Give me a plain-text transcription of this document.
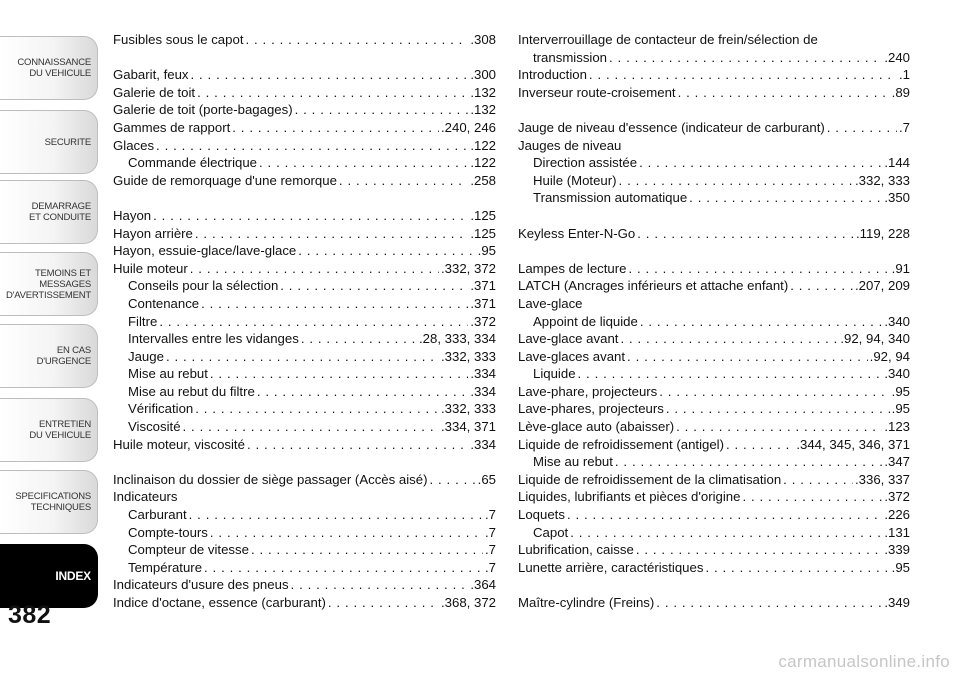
CONNAISSANCE
DU VEHICULE
SECURITE
DEMARRAGE
ET CONDUITE
TEMOINS ET
MESSAGES
D'AVERTISSEMENT
EN CAS
D'URGENCE
ENTRETIEN
DU VEHICULE
SPECIFICATIONS
TECHNIQUES
INDEX
382
Fusibles sous le capot . . .	.308
Gabarit, feux . . .	.300
Galerie de toit . . .	.132
Galerie de toit (porte-bagages) . . .	.132
Gammes de rapport . . .	.240, 246
Glaces . . .	.122
Commande électrique . . .	.122
Guide de remorquage d'une remorque . . .	.258
Hayon . . .	.125
Hayon arrière . . .	.125
Hayon, essuie-glace/lave-glace . . .	.95
Huile moteur . . .	.332, 372
Conseils pour la sélection . . .	.371
Contenance . . .	.371
Filtre . . .	.372
Intervalles entre les vidanges . . .	.28, 333, 334
Jauge . . .	.332, 333
Mise au rebut . . .	.334
Mise au rebut du filtre . . .	.334
Vérification . . .	.332, 333
Viscosité . . .	.334, 371
Huile moteur, viscosité . . .	.334
Inclinaison du dossier de siège passager (Accès aisé) . . .	.65
Indicateurs
Carburant . . .	.7
Compte-tours . . .	.7
Compteur de vitesse . . .	.7
Température . . .	.7
Indicateurs d'usure des pneus . . .	.364
Indice d'octane, essence (carburant) . . .	.368, 372
Interverrouillage de contacteur de frein/sélection de
transmission . . .	.240
Introduction . . .	.1
Inverseur route-croisement . . .	.89
Jauge de niveau d'essence (indicateur de carburant) . . .	.7
Jauges de niveau
Direction assistée . . .	.144
Huile (Moteur) . . .	.332, 333
Transmission automatique . . .	.350
Keyless Enter-N-Go . . .	.119, 228
Lampes de lecture . . .	.91
LATCH (Ancrages inférieurs et attache enfant) . . .	.207, 209
Lave-glace
Appoint de liquide . . .	.340
Lave-glace avant . . .	.92, 94, 340
Lave-glaces avant . . .	.92, 94
Liquide . . .	.340
Lave-phare, projecteurs . . .	.95
Lave-phares, projecteurs . . .	.95
Lève-glace auto (abaisser) . . .	.123
Liquide de refroidissement (antigel) . . .	.344, 345, 346, 371
Mise au rebut . . .	.347
Liquide de refroidissement de la climatisation . . .	.336, 337
Liquides, lubrifiants et pièces d'origine . . .	.372
Loquets . . .	.226
Capot . . .	.131
Lubrification, caisse . . .	.339
Lunette arrière, caractéristiques . . .	.95
Maître-cylindre (Freins) . . .	.349
carmanualsonline.info
